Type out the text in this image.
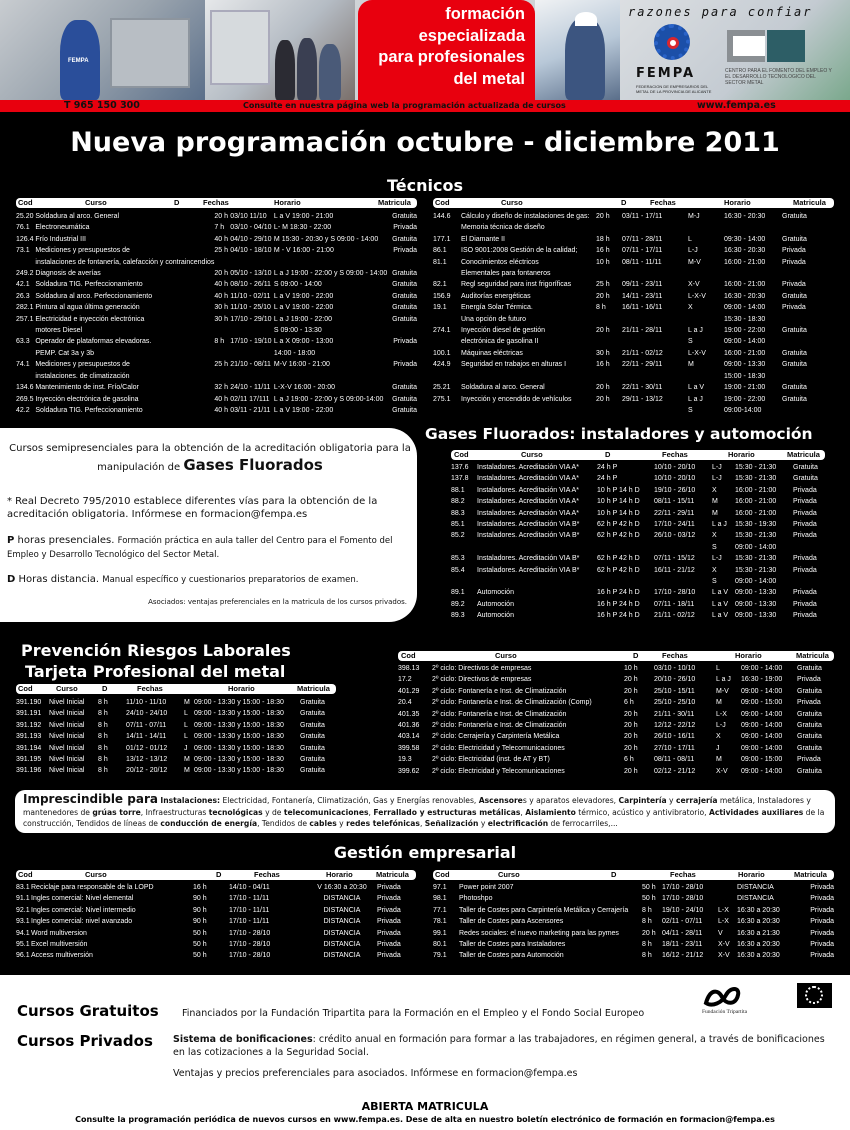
FEMPA
formación
especializada
para profesionales
del metal
razones para confiar
FEMPA
FEDERACION DE EMPRESARIOS DEL METAL DE LA PROVINCIA DE ALICANTE
CENTRO PARA EL FOMENTO DEL EMPLEO Y EL DESARROLLO TECNOLOGICO DEL SECTOR METAL
T 965 150 300	Consulte en nuestra página web la programación actualizada de cursos	www.fempa.es
Nueva programación octubre - diciembre 2011
Técnicos
Cod	Curso	D	Fechas	Horario	Matricula
25.20	Soldadura al arco. General	20 h	03/10 11/10	L a V 19:00 - 21:00	Gratuita
76.1	Electroneumática	7 h	03/10 - 04/10	L- M 18:30 - 22:00	Privada
126.4	Frío Industrial III	40 h	04/10 - 29/10	M 15:30 - 20:30 y S 09:00 - 14:00	Gratuita
73.1	Mediciones y presupuestos de	25 h	04/10 - 18/10	M - V 16:00 - 21:00	Privada
	instalaciones de fontanería, calefacción y contraincendios				
249.2	Diagnosis de averías	20 h	05/10 - 13/10	L a J 19:00 - 22:00 y S 09:00 - 14:00	Gratuita
42.1	Soldadura TIG. Perfeccionamiento	40 h	08/10 - 26/11	S 09:00 - 14:00	Gratuita
26.3	Soldadura al arco. Perfeccionamiento	40 h	11/10 - 02/11	L a V 19:00 - 22:00	Gratuita
282.1	Pintura al agua última generación	30 h	11/10 - 25/10	L a V 19:00 - 22:00	Gratuita
257.1	Electricidad e inyección electrónica	30 h	17/10 - 29/10	L a J 19:00 - 22:00	Gratuita
	motores Diesel			S 09:00 - 13:30	
63.3	Operador de plataformas elevadoras.	8 h	17/10 - 19/10	L a X 09:00 - 13:00	Privada
	PEMP. Cat 3a y 3b			14:00 - 18:00	
74.1	Mediciones y presupuestos de	25 h	21/10 - 08/11	M-V 16:00 - 21:00	Privada
	instalaciones. de climatización				
134.6	Mantenimiento de inst. Frío/Calor	32 h	24/10 - 11/11	L-X-V 16:00 - 20:00	Gratuita
269.5	Inyección electrónica de gasolina	40 h	02/11 17/111	L a J 19:00 - 22:00 y S 09:00-14:00	Gratuita
42.2	Soldadura TIG. Perfeccionamiento	40 h	03/11 - 21/11	L a V 19:00 - 22:00	Gratuita
Cod	Curso	D	Fechas	Horario	Matricula
144.6	Cálculo y diseño de instalaciones de gas:	20 h	03/11 - 17/11	M-J	16:30 - 20:30	Gratuita
	Memoria técnica de diseño					
177.1	El Diamante II	18 h	07/11 - 28/11	L	09:30 - 14:00	Gratuita
86.1	ISO 9001:2008 Gestión de la calidad;	16 h	07/11 - 17/11	L-J	16:30 - 20:30	Privada
81.1	Conocimientos eléctricos	10 h	08/11 - 11/11	M-V	16:00 - 21:00	Privada
	Elementales para fontaneros					
82.1	Regl seguridad para inst frigoríficas	25 h	09/11 - 23/11	X-V	16:00 - 21:00	Privada
156.9	Auditorías energéticas	20 h	14/11 - 23/11	L-X-V	16:30 - 20:30	Gratuita
19.1	Energía Solar Térmica.	8 h	16/11 - 16/11	X	09:00 - 14:00	Privada
	Una opción de futuro				15:30 - 18:30	
274.1	Inyección diesel de gestión	20 h	21/11 - 28/11	L a J	19:00 - 22:00	Gratuita
	electrónica de gasolina II			S	09:00 - 14:00	
100.1	Máquinas eléctricas	30 h	21/11 - 02/12	L-X-V	16:00 - 21:00	Gratuita
424.9	Seguridad en trabajos en alturas I	16 h	22/11 - 29/11	M	09:00 - 13:30	Gratuita
					15:00 - 18:30	
25.21	Soldadura al arco. General	20 h	22/11 - 30/11	L a V	19:00 - 21:00	Gratuita
275.1	Inyección y encendido de vehículos	20 h	29/11 - 13/12	L a J	19:00 - 22:00	Gratuita
				S	09:00-14:00	
Cursos semipresenciales para la obtención de la acreditación obligatoria para la manipulación de Gases Fluorados
* Real Decreto 795/2010 establece diferentes vías para la obtención de la acreditación obligatoria. Infórmese en formacion@fempa.es
P horas presenciales. Formación práctica en aula taller del Centro para el Fomento del Empleo y Desarrollo Tecnológico del Sector Metal.
D Horas distancia. Manual específico y cuestionarios preparatorios de examen.
Asociados: ventajas preferenciales en la matricula de los cursos privados.
Gases Fluorados: instaladores y automoción
Cod	Curso	D	Fechas	Horario	Matricula
137.6	Instaladores. Acreditación VIA A*	24 h P	10/10 - 20/10	L-J	15:30 - 21:30	Gratuita
137.8	Instaladores. Acreditación VIA A*	24 h P	10/10 - 20/10	L-J	15:30 - 21:30	Gratuita
88.1	Instaladores. Acreditación VIA A*	10 h P 14 h D	19/10 - 26/10	X	16:00 - 21:00	Privada
88.2	Instaladores. Acreditación VIA A*	10 h P 14 h D	08/11 - 15/11	M	16:00 - 21:00	Privada
88.3	Instaladores. Acreditación VIA A*	10 h P 14 h D	22/11 - 29/11	M	16:00 - 21:00	Privada
85.1	Instaladores. Acreditación VIA B*	62 h P 42 h D	17/10 - 24/11	L a J	15:30 - 19:30	Privada
85.2	Instaladores. Acreditación VIA B*	62 h P 42 h D	26/10 - 03/12	X	15:30 - 21:30	Privada
				S	09:00 - 14:00	
85.3	Instaladores. Acreditación VIA B*	62 h P 42 h D	07/11 - 15/12	L-J	15:30 - 21:30	Privada
85.4	Instaladores. Acreditación VIA B*	62 h P 42 h D	16/11 - 21/12	X	15:30 - 21:30	Privada
				S	09:00 - 14:00	
89.1	Automoción	16 h P 24 h D	17/10 - 28/10	L a V	09:00 - 13:30	Privada
89.2	Automoción	16 h P 24 h D	07/11 - 18/11	L a V	09:00 - 13:30	Privada
89.3	Automoción	16 h P 24 h D	21/11 - 02/12	L a V	09:00 - 13:30	Privada
Prevención Riesgos Laborales
Tarjeta Profesional del metal
Cod	Curso	D	Fechas	Horario	Matricula
391.190	Nivel Inicial	8 h	11/10 - 11/10	M	09:00 - 13:30 y 15:00 - 18:30	Gratuita
391.191	Nivel Inicial	8 h	24/10 - 24/10	L	09:00 - 13:30 y 15:00 - 18:30	Gratuita
391.192	Nivel Inicial	8 h	07/11 - 07/11	L	09:00 - 13:30 y 15:00 - 18:30	Gratuita
391.193	Nivel Inicial	8 h	14/11 - 14/11	L	09:00 - 13:30 y 15:00 - 18:30	Gratuita
391.194	Nivel Inicial	8 h	01/12 - 01/12	J	09:00 - 13:30 y 15:00 - 18:30	Gratuita
391.195	Nivel Inicial	8 h	13/12 - 13/12	M	09:00 - 13:30 y 15:00 - 18:30	Gratuita
391.196	Nivel Inicial	8 h	20/12 - 20/12	M	09:00 - 13:30 y 15:00 - 18:30	Gratuita
Cod	Curso	D	Fechas	Horario	Matricula
398.13	2º ciclo: Directivos de empresas	10 h	03/10 - 10/10	L	09:00 - 14:00	Gratuita
17.2	2º ciclo: Directivos de empresas	20 h	20/10 - 26/10	L a J	16:30 - 19:00	Privada
401.29	2º ciclo: Fontanería e Inst. de Climatización	20 h	25/10 - 15/11	M-V	09:00 - 14:00	Gratuita
20.4	2º ciclo: Fontanería e Inst. de Climatización (Comp)	6 h	25/10 - 25/10	M	09:00 - 15:00	Privada
401.35	2º ciclo: Fontanería e Inst. de Climatización	20 h	21/11 - 30/11	L-X	09:00 - 14:00	Gratuita
401.36	2º ciclo: Fontanería e Inst. de Climatización	20 h	12/12 - 22/12	L-J	09:00 - 14:00	Gratuita
403.14	2º ciclo: Cerrajería y Carpintería Metálica	20 h	26/10 - 16/11	X	09:00 - 14:00	Gratuita
399.58	2º ciclo: Electricidad y Telecomunicaciones	20 h	27/10 - 17/11	J	09:00 - 14:00	Gratuita
19.3	2º ciclo: Electricidad (inst. de AT y BT)	6 h	08/11 - 08/11	M	09:00 - 15:00	Privada
399.62	2º ciclo: Electricidad y Telecomunicaciones	20 h	02/12 - 21/12	X-V	09:00 - 14:00	Gratuita
Imprescindible para Instalaciones: Electricidad, Fontanería, Climatización, Gas y Energías renovables, Ascensores y aparatos elevadores, Carpintería y cerrajería metálica, Instaladores y mantenedores de grúas torre, Infraestructuras tecnológicas y de telecomunicaciones, Ferrallado y estructuras metálicas, Aislamiento térmico, acústico y antivibratorio, Actividades auxiliares de la construcción, Tendidos de líneas de conducción de energía, Tendidos de cables y redes telefónicas, Señalización y electrificación de ferrocarriles,...
Gestión empresarial
Cod	Curso	D	Fechas	Horario	Matricula
83.1	Reciclaje para responsable de la LOPD	16 h	14/10 - 04/11	V 16:30 a 20:30	Privada
91.1	Ingles comercial: Nivel elemental	90 h	17/10 - 11/11	DISTANCIA	Privada
92.1	Ingles comercial: Nivel intermedio	90 h	17/10 - 11/11	DISTANCIA	Privada
93.1	Ingles comercial: nivel avanzado	90 h	17/10 - 11/11	DISTANCIA	Privada
94.1	Word multiversion	50 h	17/10 - 28/10	DISTANCIA	Privada
95.1	Excel multiversión	50 h	17/10 - 28/10	DISTANCIA	Privada
96.1	Access multiversión	50 h	17/10 - 28/10	DISTANCIA	Privada
Cod	Curso	D	Fechas	Horario	Matricula
97.1	Power point 2007	50 h	17/10 - 28/10		DISTANCIA	Privada
98.1	Photoshpo	50 h	17/10 - 28/10		DISTANCIA	Privada
77.1	Taller de Costes para Carpintería Metálica y Cerrajería	8 h	19/10 - 24/10	L-X	16:30 a 20:30	Privada
78.1	Taller de Costes para Ascensores	8 h	02/11 - 07/11	L-X	16:30 a 20:30	Privada
99.1	Redes sociales: el nuevo marketing para las pymes	20 h	04/11 - 28/11	V	16:30 a 21:30	Privada
80.1	Taller de Costes para Instaladores	8 h	18/11 - 23/11	X-V	16:30 a 20:30	Privada
79.1	Taller de Costes para Automoción	8 h	16/12 - 21/12	X-V	16:30 a 20:30	Privada
Cursos Gratuitos Financiados por la Fundación Tripartita para la Formación en el Empleo y el Fondo Social Europeo	Fundación Tripartita
Cursos Privados Sistema de bonificaciones: crédito anual en formación para formar a las trabajadores, en régimen general, a través de bonificaciones en las cotizaciones a la Seguridad Social.
Ventajas y precios preferenciales para asociados. Infórmese en formacion@fempa.es
ABIERTA MATRICULA
Consulte la programación periódica de nuevos cursos en www.fempa.es. Dese de alta en nuestro boletín electrónico de formación en formacion@fempa.es
